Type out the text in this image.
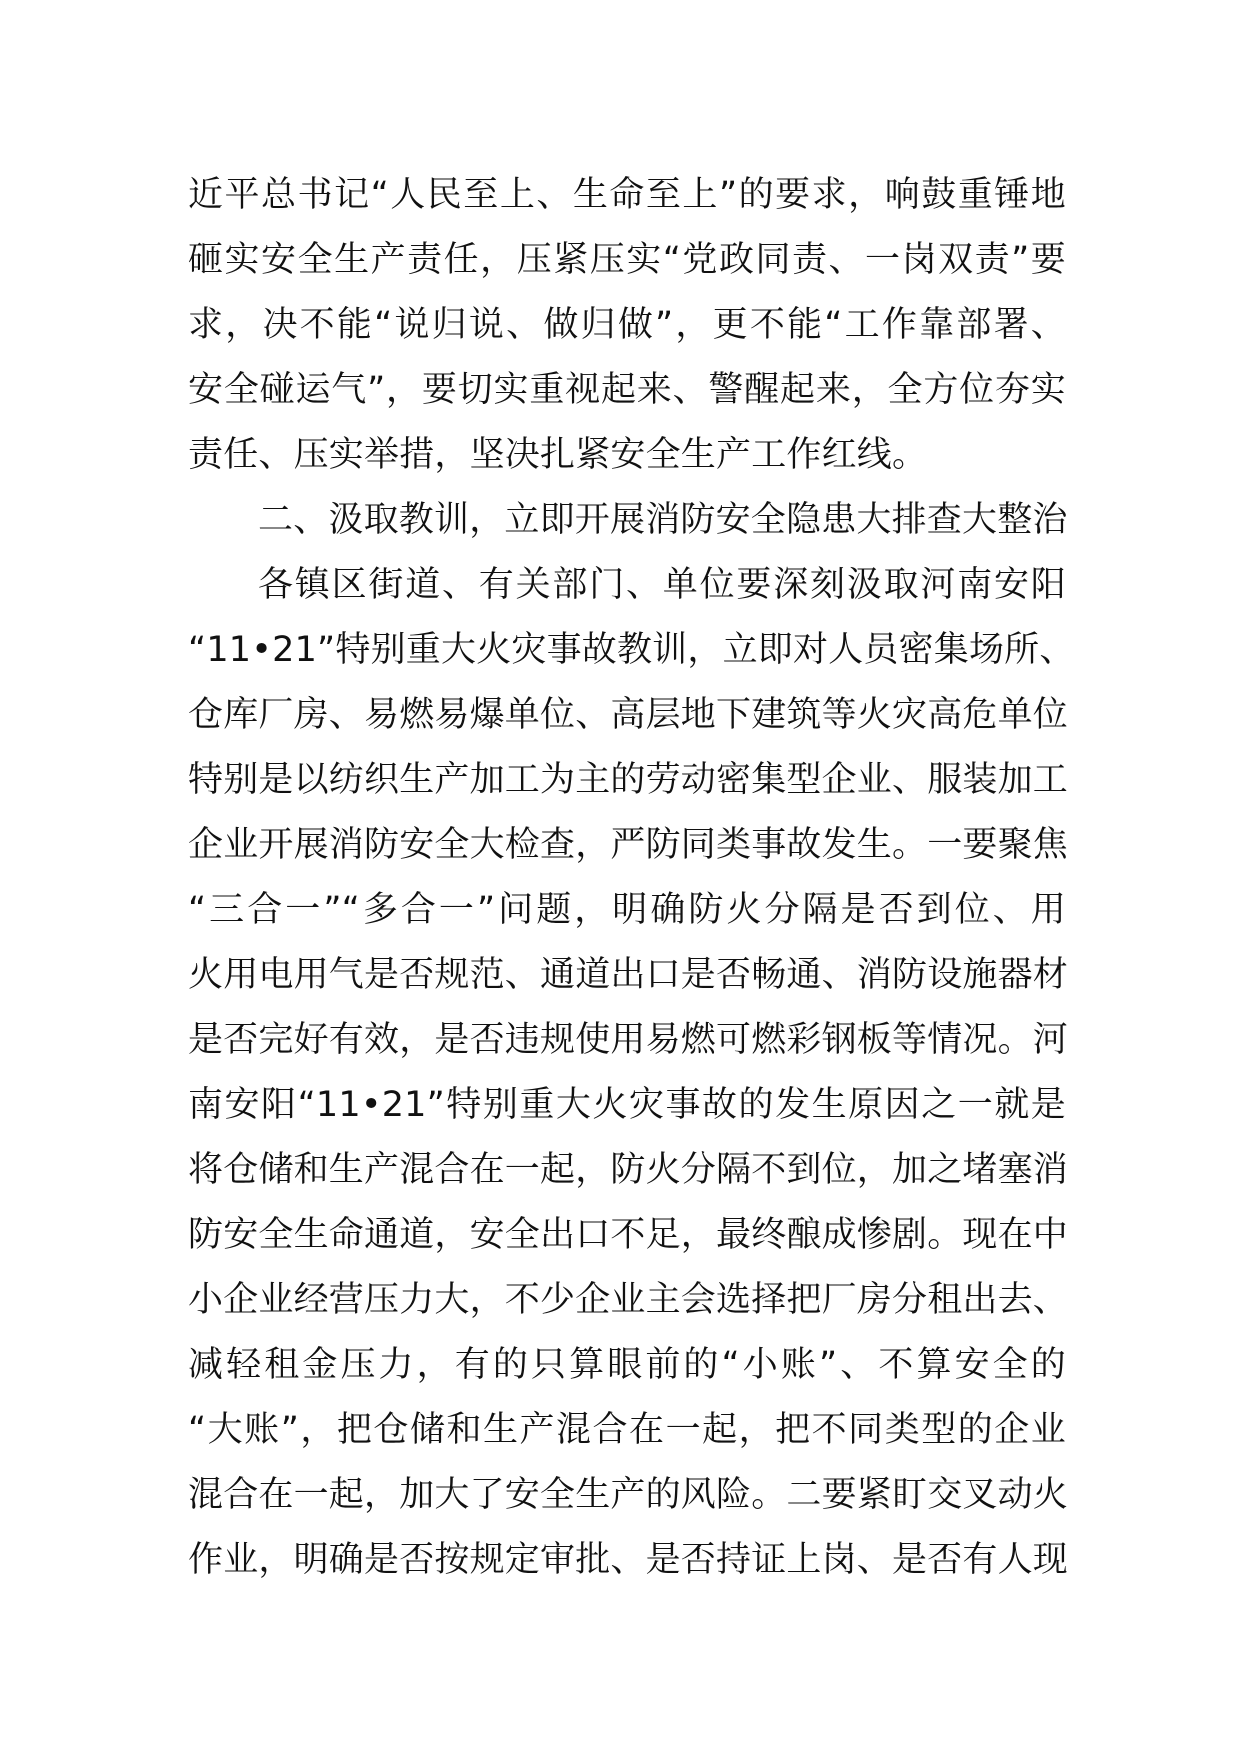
近平总书记“人民至上、生命至上”的要求，响鼓重锤地
砸实安全生产责任，压紧压实“党政同责、一岗双责”要
求，决不能“说归说、做归做”，更不能“工作靠部署、
安全碰运气”，要切实重视起来、警醒起来，全方位夯实
责任、压实举措，坚决扎紧安全生产工作红线。
二、汲取教训，立即开展消防安全隐患大排查大整治
各镇区街道、有关部门、单位要深刻汲取河南安阳
“11•21”特别重大火灾事故教训，立即对人员密集场所、
仓库厂房、易燃易爆单位、高层地下建筑等火灾高危单位
特别是以纺织生产加工为主的劳动密集型企业、服装加工
企业开展消防安全大检查，严防同类事故发生。一要聚焦
“三合一”“多合一”问题，明确防火分隔是否到位、用
火用电用气是否规范、通道出口是否畅通、消防设施器材
是否完好有效，是否违规使用易燃可燃彩钢板等情况。河
南安阳“11•21”特别重大火灾事故的发生原因之一就是
将仓储和生产混合在一起，防火分隔不到位，加之堵塞消
防安全生命通道，安全出口不足，最终酿成惨剧。现在中
小企业经营压力大，不少企业主会选择把厂房分租出去、
减轻租金压力，有的只算眼前的“小账”、不算安全的
“大账”，把仓储和生产混合在一起，把不同类型的企业
混合在一起，加大了安全生产的风险。二要紧盯交叉动火
作业，明确是否按规定审批、是否持证上岗、是否有人现
